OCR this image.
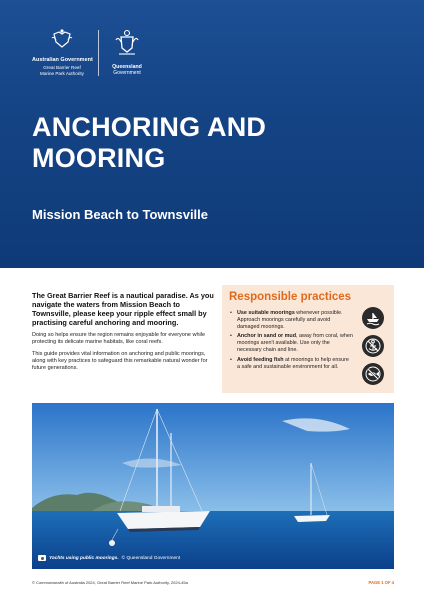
Australian Government
Great Barrier Reef
Marine Park Authority
Queensland
Government
ANCHORING AND MOORING
Mission Beach to Townsville

The Great Barrier Reef is a nautical paradise. As you navigate the waters from Mission Beach to Townsville, please keep your ripple effect small by practising careful anchoring and mooring.

Doing so helps ensure the region remains enjoyable for everyone while protecting its delicate marine habitats, like coral reefs.

This guide provides vital information on anchoring and public moorings, along with key practices to safeguard this remarkable natural wonder for future generations.

Responsible practices
• Use suitable moorings whenever possible. Approach moorings carefully and avoid damaged moorings.
• Anchor in sand or mud, away from coral, when moorings aren't available. Use only the necessary chain and line.
• Avoid feeding fish at moorings to help ensure a safe and sustainable environment for all.
Yachts using public moorings. © Queensland Government
© Commonwealth of Australia 2024, Great Barrier Reef Marine Park Authority, 2024-45a	PAGE 1 OF 4
